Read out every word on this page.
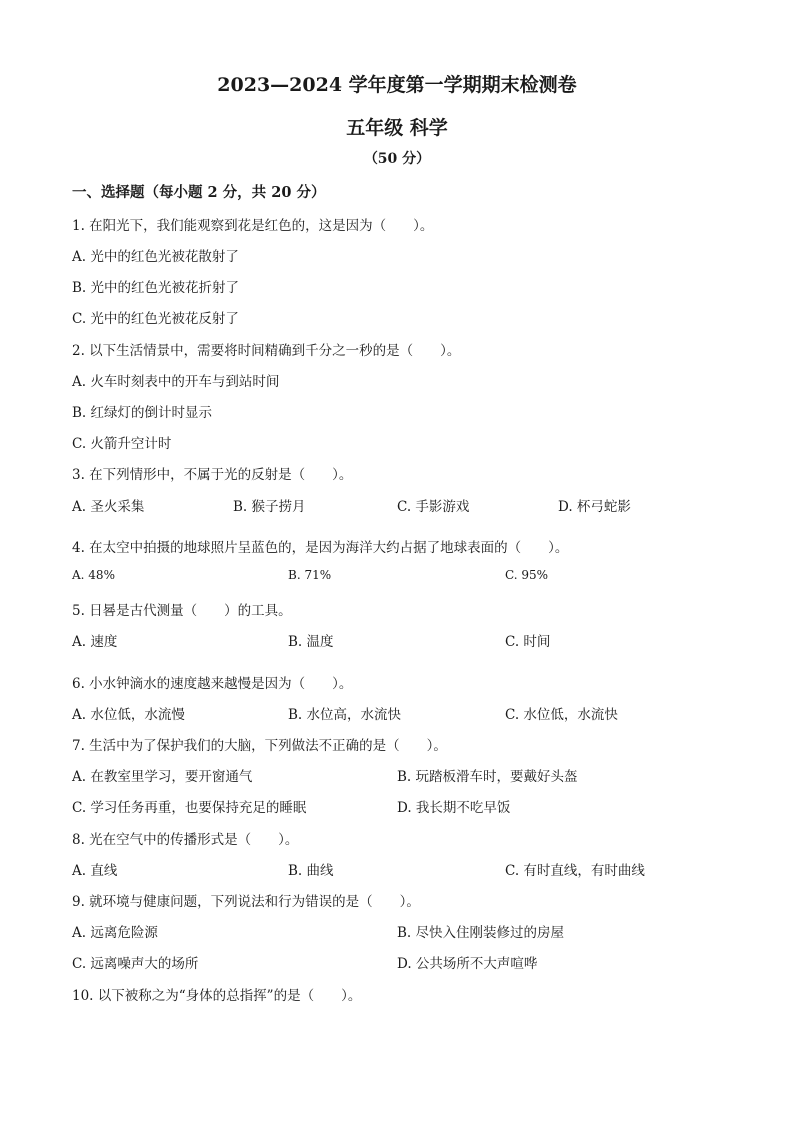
2023—2024 学年度第一学期期末检测卷
五年级 科学
（50 分）
一、选择题（每小题 2 分，共 20 分）
1. 在阳光下，我们能观察到花是红色的，这是因为（　　）。
A. 光中的红色光被花散射了
B. 光中的红色光被花折射了
C. 光中的红色光被花反射了
2. 以下生活情景中，需要将时间精确到千分之一秒的是（　　）。
A. 火车时刻表中的开车与到站时间
B. 红绿灯的倒计时显示
C. 火箭升空计时
3. 在下列情形中，不属于光的反射是（　　）。
A. 圣火采集	B. 猴子捞月	C. 手影游戏	D. 杯弓蛇影
4. 在太空中拍摄的地球照片呈蓝色的，是因为海洋大约占据了地球表面的（　　）。
A. 48%	B. 71%	C. 95%
5. 日晷是古代测量（　　）的工具。
A. 速度	B. 温度	C. 时间
6. 小水钟滴水的速度越来越慢是因为（　　）。
A. 水位低，水流慢	B. 水位高，水流快	C. 水位低，水流快
7. 生活中为了保护我们的大脑，下列做法不正确的是（　　）。
A. 在教室里学习，要开窗通气	B. 玩踏板滑车时，要戴好头盔
C. 学习任务再重，也要保持充足的睡眠	D. 我长期不吃早饭
8. 光在空气中的传播形式是（　　）。
A. 直线	B. 曲线	C. 有时直线，有时曲线
9. 就环境与健康问题，下列说法和行为错误的是（　　）。
A. 远离危险源	B. 尽快入住刚装修过的房屋
C. 远离噪声大的场所	D. 公共场所不大声喧哗
10. 以下被称之为“身体的总指挥”的是（　　）。
